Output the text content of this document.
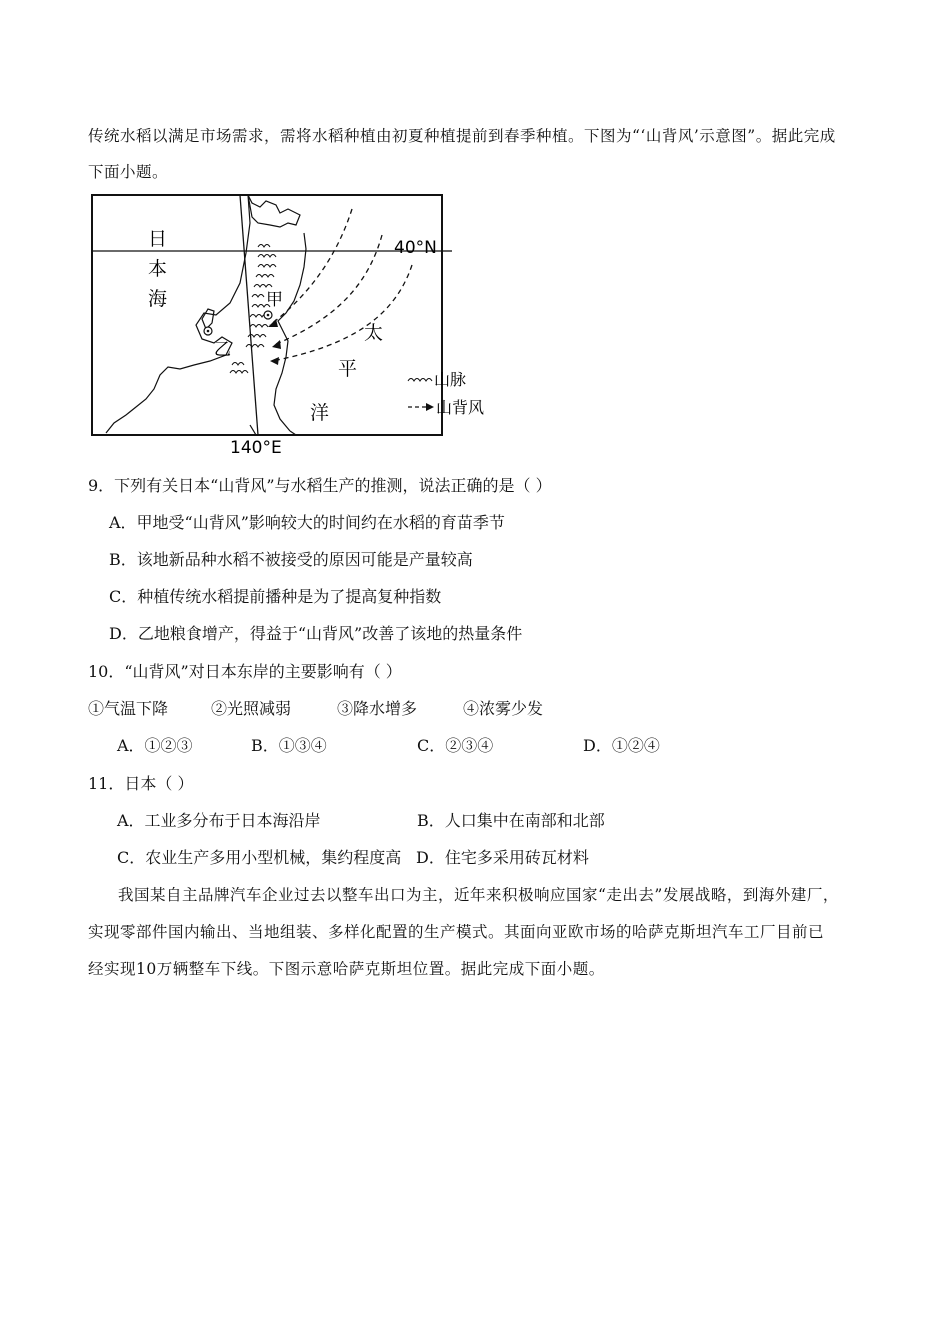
传统水稻以满足市场需求，需将水稻种植由初夏种植提前到春季种植。下图为“‘山背风’示意图”。据此完成
下面小题。
日
本
海
40°N
140°E
甲
乙
太
平
洋
山脉
山背风
9．下列有关日本“山背风”与水稻生产的推测，说法正确的是（ ）
A．甲地受“山背风”影响较大的时间约在水稻的育苗季节
B．该地新品种水稻不被接受的原因可能是产量较高
C．种植传统水稻提前播种是为了提高复种指数
D．乙地粮食增产，得益于“山背风”改善了该地的热量条件
10．“山背风”对日本东岸的主要影响有（ ）
①气温下降	②光照减弱	③降水增多	④浓雾少发
A．①②③	B．①③④	C．②③④	D．①②④
11．日本（ ）
A．工业多分布于日本海沿岸	B．人口集中在南部和北部
C．农业生产多用小型机械，集约程度高 D．住宅多采用砖瓦材料
我国某自主品牌汽车企业过去以整车出口为主，近年来积极响应国家“走出去”发展战略，到海外建厂，
实现零部件国内输出、当地组装、多样化配置的生产模式。其面向亚欧市场的哈萨克斯坦汽车工厂目前已
经实现10万辆整车下线。下图示意哈萨克斯坦位置。据此完成下面小题。
